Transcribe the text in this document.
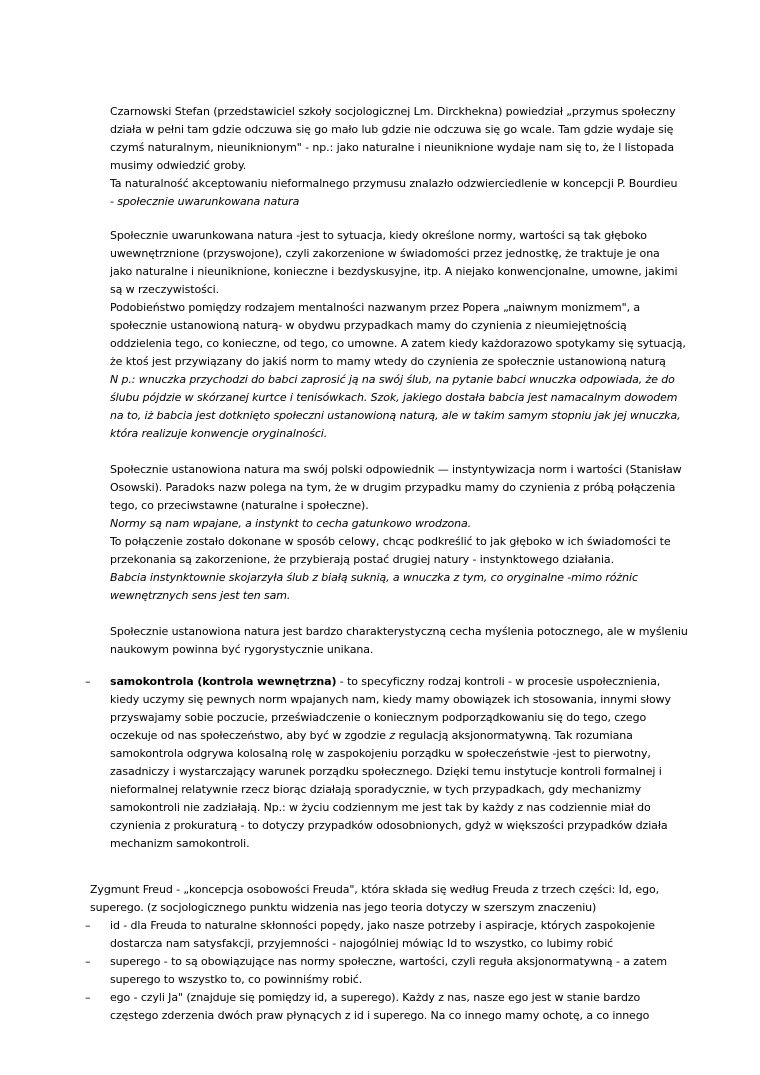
Czarnowski Stefan (przedstawiciel szkoły socjologicznej Lm. Dirckhekna) powiedział „przymus społeczny
działa w pełni tam gdzie odczuwa się go mało lub gdzie nie odczuwa się go wcale. Tam gdzie wydaje się
czymś naturalnym, nieuniknionym" - np.: jako naturalne i nieuniknione wydaje nam się to, że l listopada
musimy odwiedzić groby.
Ta naturalność akceptowaniu nieformalnego przymusu znalazło odzwierciedlenie w koncepcji P. Bourdieu
- społecznie uwarunkowana natura
Społecznie uwarunkowana natura -jest to sytuacja, kiedy określone normy, wartości są tak głęboko
uwewnętrznione (przyswojone), czyli zakorzenione w świadomości przez jednostkę, że traktuje je ona
jako naturalne i nieuniknione, konieczne i bezdyskusyjne, itp. A niejako konwencjonalne, umowne, jakimi
są w rzeczywistości.
Podobieństwo pomiędzy rodzajem mentalności nazwanym przez Popera „naiwnym monizmem", a
społecznie ustanowioną naturą- w obydwu przypadkach mamy do czynienia z nieumiejętnością
oddzielenia tego, co konieczne, od tego, co umowne. A zatem kiedy każdorazowo spotykamy się sytuacją,
że ktoś jest przywiązany do jakiś norm to mamy wtedy do czynienia ze społecznie ustanowioną naturą
N p.: wnuczka przychodzi do babci zaprosić ją na swój ślub, na pytanie babci wnuczka odpowiada, że do
ślubu pójdzie w skórzanej kurtce i tenisówkach. Szok, jakiego dostała babcia jest namacalnym dowodem
na to, iż babcia jest dotknięto społeczni ustanowioną naturą, ale w takim samym stopniu jak jej wnuczka,
która realizuje konwencje oryginalności.
Społecznie ustanowiona natura ma swój polski odpowiednik — instyntywizacja norm i wartości (Stanisław
Osowski). Paradoks nazw polega na tym, że w drugim przypadku mamy do czynienia z próbą połączenia
tego, co przeciwstawne (naturalne i społeczne).
Normy są nam wpajane, a instynkt to cecha gatunkowo wrodzona.
To połączenie zostało dokonane w sposób celowy, chcąc podkreślić to jak głęboko w ich świadomości te
przekonania są zakorzenione, że przybierają postać drugiej natury - instynktowego działania.
Babcia instynktownie skojarzyła ślub z białą suknią, a wnuczka z tym, co oryginalne -mimo różnic
wewnętrznych sens jest ten sam.
Społecznie ustanowiona natura jest bardzo charakterystyczną cecha myślenia potocznego, ale w myśleniu
naukowym powinna być rygorystycznie unikana.
– samokontrola (kontrola wewnętrzna) - to specyficzny rodzaj kontroli - w procesie uspołecznienia,
kiedy uczymy się pewnych norm wpajanych nam, kiedy mamy obowiązek ich stosowania, innymi słowy
przyswajamy sobie poczucie, przeświadczenie o koniecznym podporządkowaniu się do tego, czego
oczekuje od nas społeczeństwo, aby być w zgodzie z regulacją aksjonormatywną. Tak rozumiana
samokontrola odgrywa kolosalną rolę w zaspokojeniu porządku w społeczeństwie -jest to pierwotny,
zasadniczy i wystarczający warunek porządku społecznego. Dzięki temu instytucje kontroli formalnej i
nieformalnej relatywnie rzecz biorąc działają sporadycznie, w tych przypadkach, gdy mechanizmy
samokontroli nie zadziałają. Np.: w życiu codziennym me jest tak by każdy z nas codziennie miał do
czynienia z prokuraturą - to dotyczy przypadków odosobnionych, gdyż w większości przypadków działa
mechanizm samokontroli.
Zygmunt Freud - „koncepcja osobowości Freuda", która składa się według Freuda z trzech części: Id, ego,
superego. (z socjologicznego punktu widzenia nas jego teoria dotyczy w szerszym znaczeniu)
– id - dla Freuda to naturalne skłonności popędy, jako nasze potrzeby i aspiracje, których zaspokojenie
dostarcza nam satysfakcji, przyjemności - najogólniej mówiąc Id to wszystko, co lubimy robić
– superego - to są obowiązujące nas normy społeczne, wartości, czyli reguła aksjonormatywną - a zatem
superego to wszystko to, co powinniśmy robić.
– ego - czyli Ja" (znajduje się pomiędzy id, a superego). Każdy z nas, nasze ego jest w stanie bardzo
częstego zderzenia dwóch praw płynących z id i superego. Na co innego mamy ochotę, a co innego
